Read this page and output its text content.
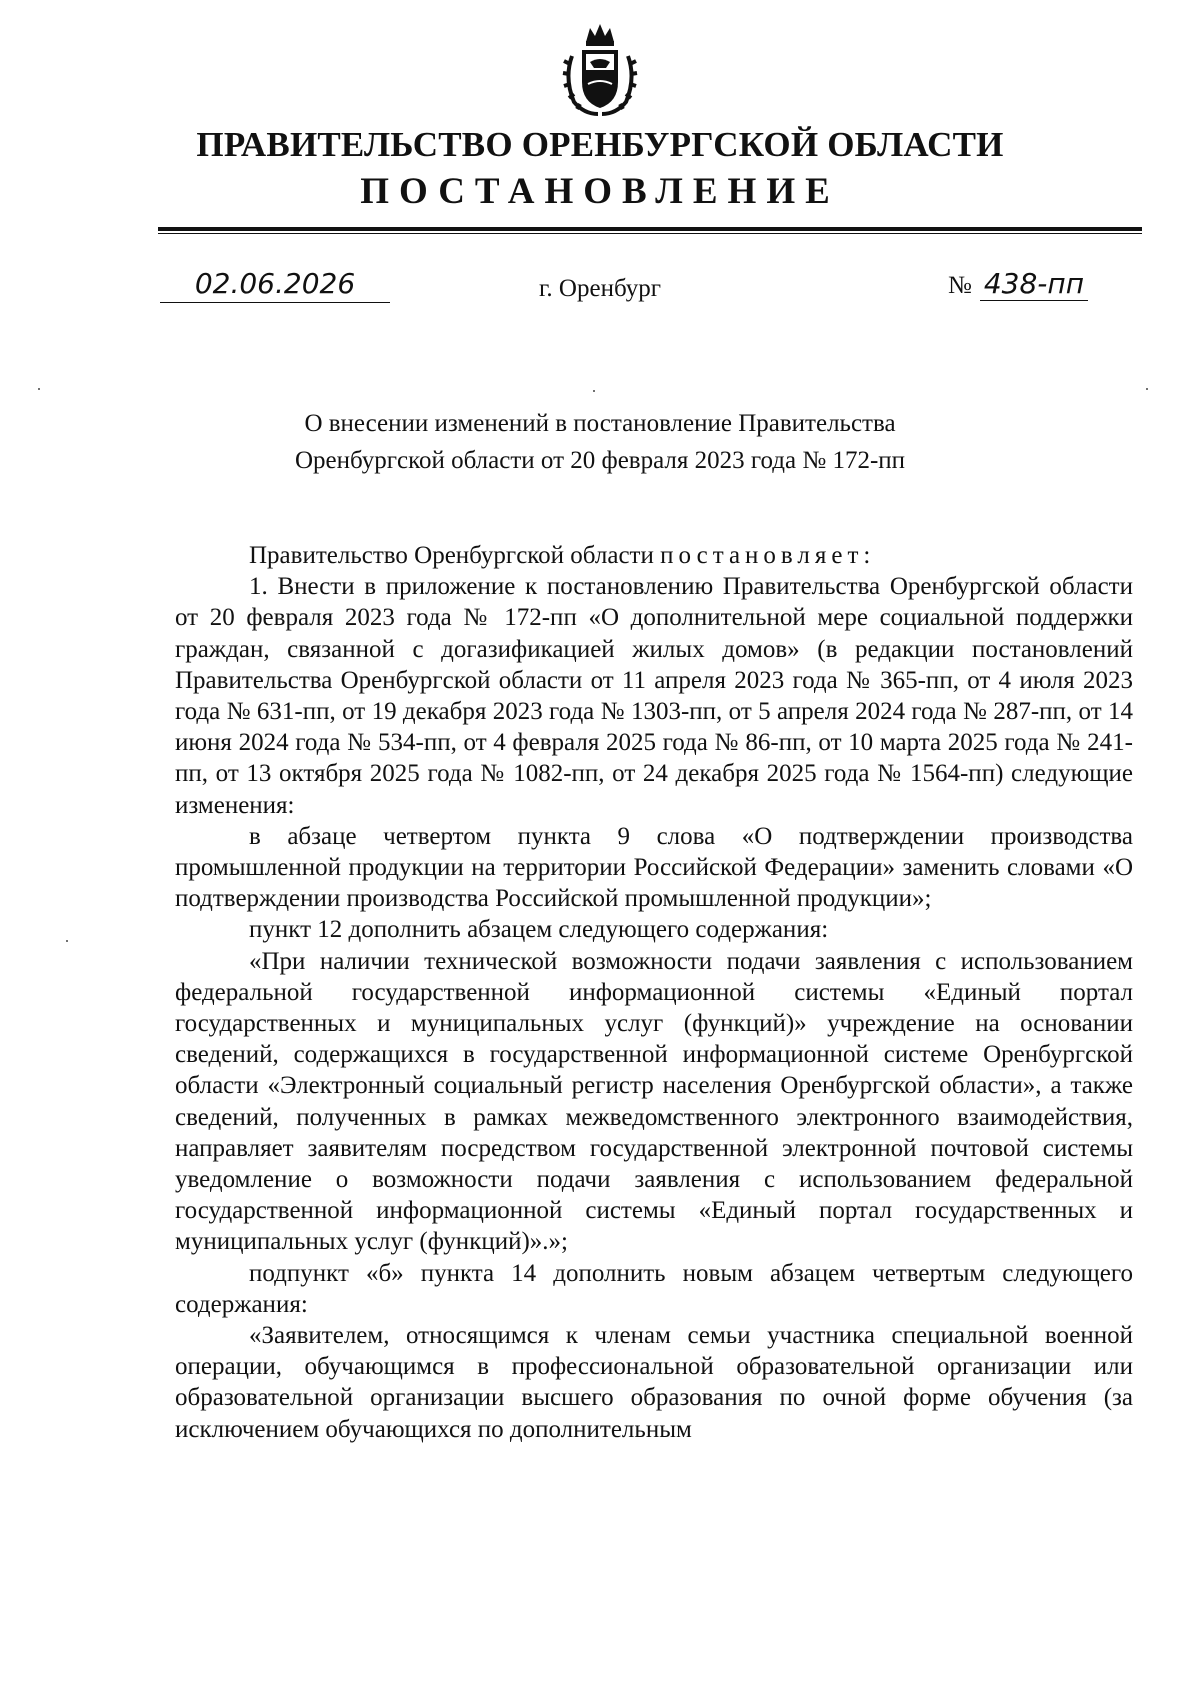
ПРАВИТЕЛЬСТВО ОРЕНБУРГСКОЙ ОБЛАСТИ
ПОСТАНОВЛЕНИЕ
02.06.2026	г. Оренбург	№ 438-пп
О внесении изменений в постановление Правительства
Оренбургской области от 20 февраля 2023 года № 172-пп

Правительство Оренбургской области постановляет:

1. Внести в приложение к постановлению Правительства Оренбургской области от 20 февраля 2023 года № 172-пп «О дополнительной мере социальной поддержки граждан, связанной с догазификацией жилых домов» (в редакции постановлений Правительства Оренбургской области от 11 апреля 2023 года № 365-пп, от 4 июля 2023 года № 631-пп, от 19 декабря 2023 года № 1303-пп, от 5 апреля 2024 года № 287-пп, от 14 июня 2024 года № 534-пп, от 4 февраля 2025 года № 86-пп, от 10 марта 2025 года № 241-пп, от 13 октября 2025 года № 1082-пп, от 24 декабря 2025 года № 1564-пп) следующие изменения:

в абзаце четвертом пункта 9 слова «О подтверждении производства промышленной продукции на территории Российской Федерации» заменить словами «О подтверждении производства Российской промышленной продукции»;

пункт 12 дополнить абзацем следующего содержания:

«При наличии технической возможности подачи заявления с использованием федеральной государственной информационной системы «Единый портал государственных и муниципальных услуг (функций)» учреждение на основании сведений, содержащихся в государственной информационной системе Оренбургской области «Электронный социальный регистр населения Оренбургской области», а также сведений, полученных в рамках межведомственного электронного взаимодействия, направляет заявителям посредством государственной электронной почтовой системы уведомление о возможности подачи заявления с использованием федеральной государственной информационной системы «Единый портал государственных и муниципальных услуг (функций)».»;

подпункт «б» пункта 14 дополнить новым абзацем четвертым следующего содержания:

«Заявителем, относящимся к членам семьи участника специальной военной операции, обучающимся в профессиональной образовательной организации или образовательной организации высшего образования по очной форме обучения (за исключением обучающихся по дополнительным
